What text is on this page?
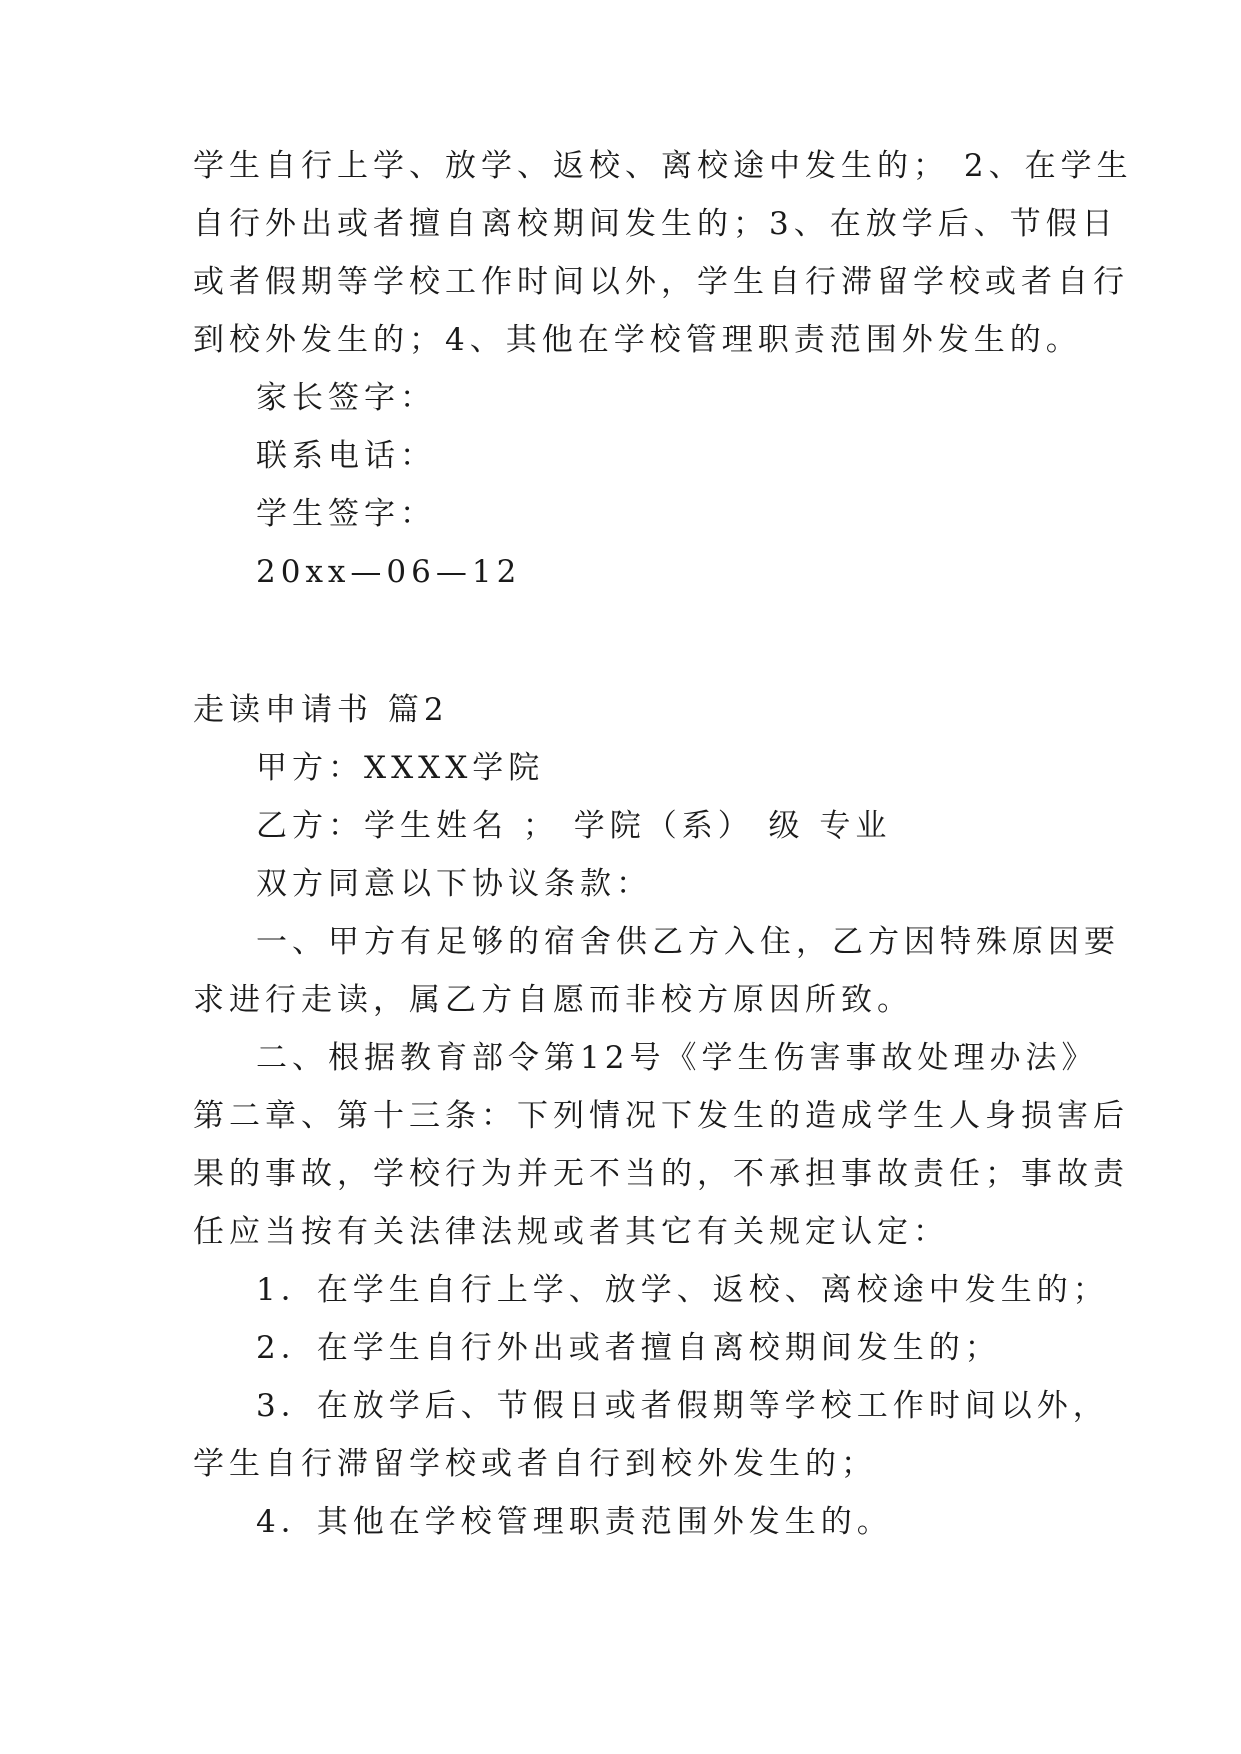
学生自行上学、放学、返校、离校途中发生的； 2、在学生
自行外出或者擅自离校期间发生的；3、在放学后、节假日
或者假期等学校工作时间以外，学生自行滞留学校或者自行
到校外发生的；4、其他在学校管理职责范围外发生的。
家长签字：
联系电话：
学生签字：
20xx—06—12
走读申请书 篇2
甲方：XXXX学院
乙方：学生姓名 ； 学院（系） 级 专业
双方同意以下协议条款：
一、甲方有足够的宿舍供乙方入住，乙方因特殊原因要
求进行走读，属乙方自愿而非校方原因所致。
二、根据教育部令第12号《学生伤害事故处理办法》
第二章、第十三条：下列情况下发生的造成学生人身损害后
果的事故，学校行为并无不当的，不承担事故责任；事故责
任应当按有关法律法规或者其它有关规定认定：
1．在学生自行上学、放学、返校、离校途中发生的；
2．在学生自行外出或者擅自离校期间发生的；
3．在放学后、节假日或者假期等学校工作时间以外，
学生自行滞留学校或者自行到校外发生的；
4．其他在学校管理职责范围外发生的。
